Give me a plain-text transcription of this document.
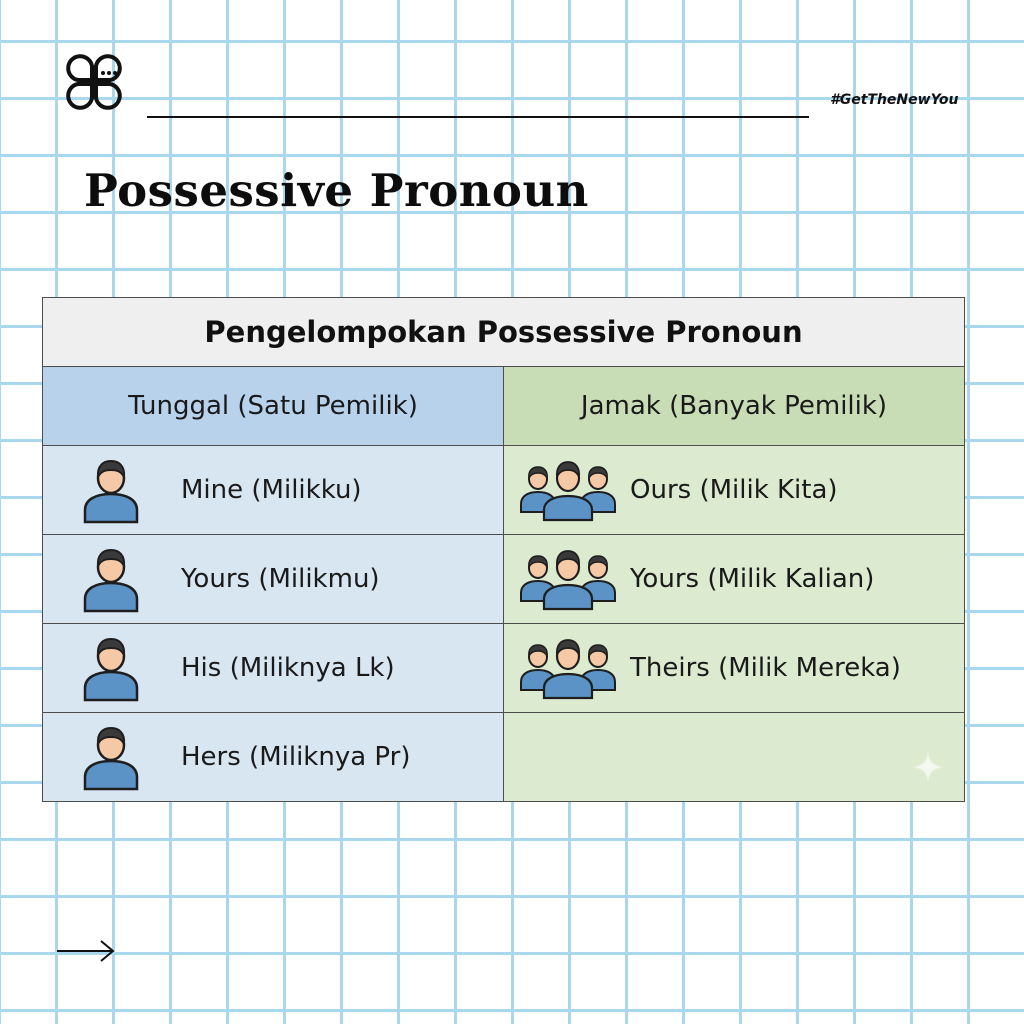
#GetTheNewYou
Possessive Pronoun
Pengelompokan Possessive Pronoun
Tunggal (Satu Pemilik)	Jamak (Banyak Pemilik)
Mine (Milikku)	Ours (Milik Kita)
Yours (Milikmu)	Yours (Milik Kalian)
His (Miliknya Lk)	Theirs (Milik Mereka)
Hers (Miliknya Pr)
